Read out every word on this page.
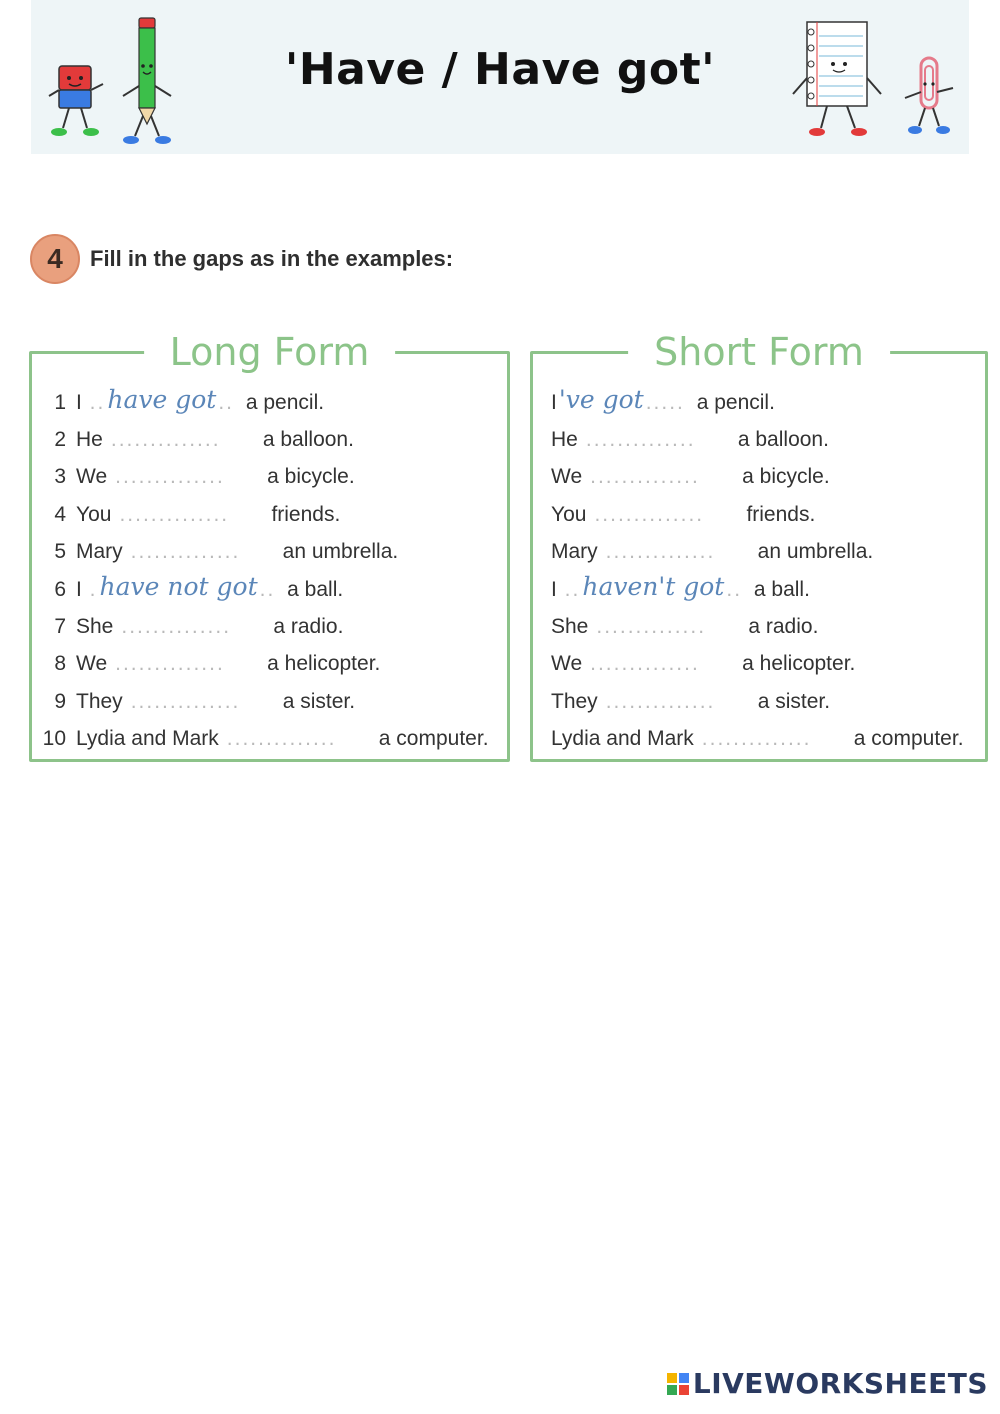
'Have / Have got'
4	Fill in the gaps as in the examples:
Long Form
1 I .. have got .. a pencil.
2 He ..............	a balloon.
3 We ..............	a bicycle.
4 You ..............	friends.
5 Mary ..............	an umbrella.
6 I . have not got .. a ball.
7 She ..............	a radio.
8 We ..............	a helicopter.
9 They ..............	a sister.
10 Lydia and Mark ..............	a computer.
Short Form
I 've got ..... a pencil.
He ..............	a balloon.
We ..............	a bicycle.
You ..............	friends.
Mary ..............	an umbrella.
I .. haven't got .. a ball.
She ..............	a radio.
We ..............	a helicopter.
They ..............	a sister.
Lydia and Mark ..............	a computer.
LIVEWORKSHEETS
